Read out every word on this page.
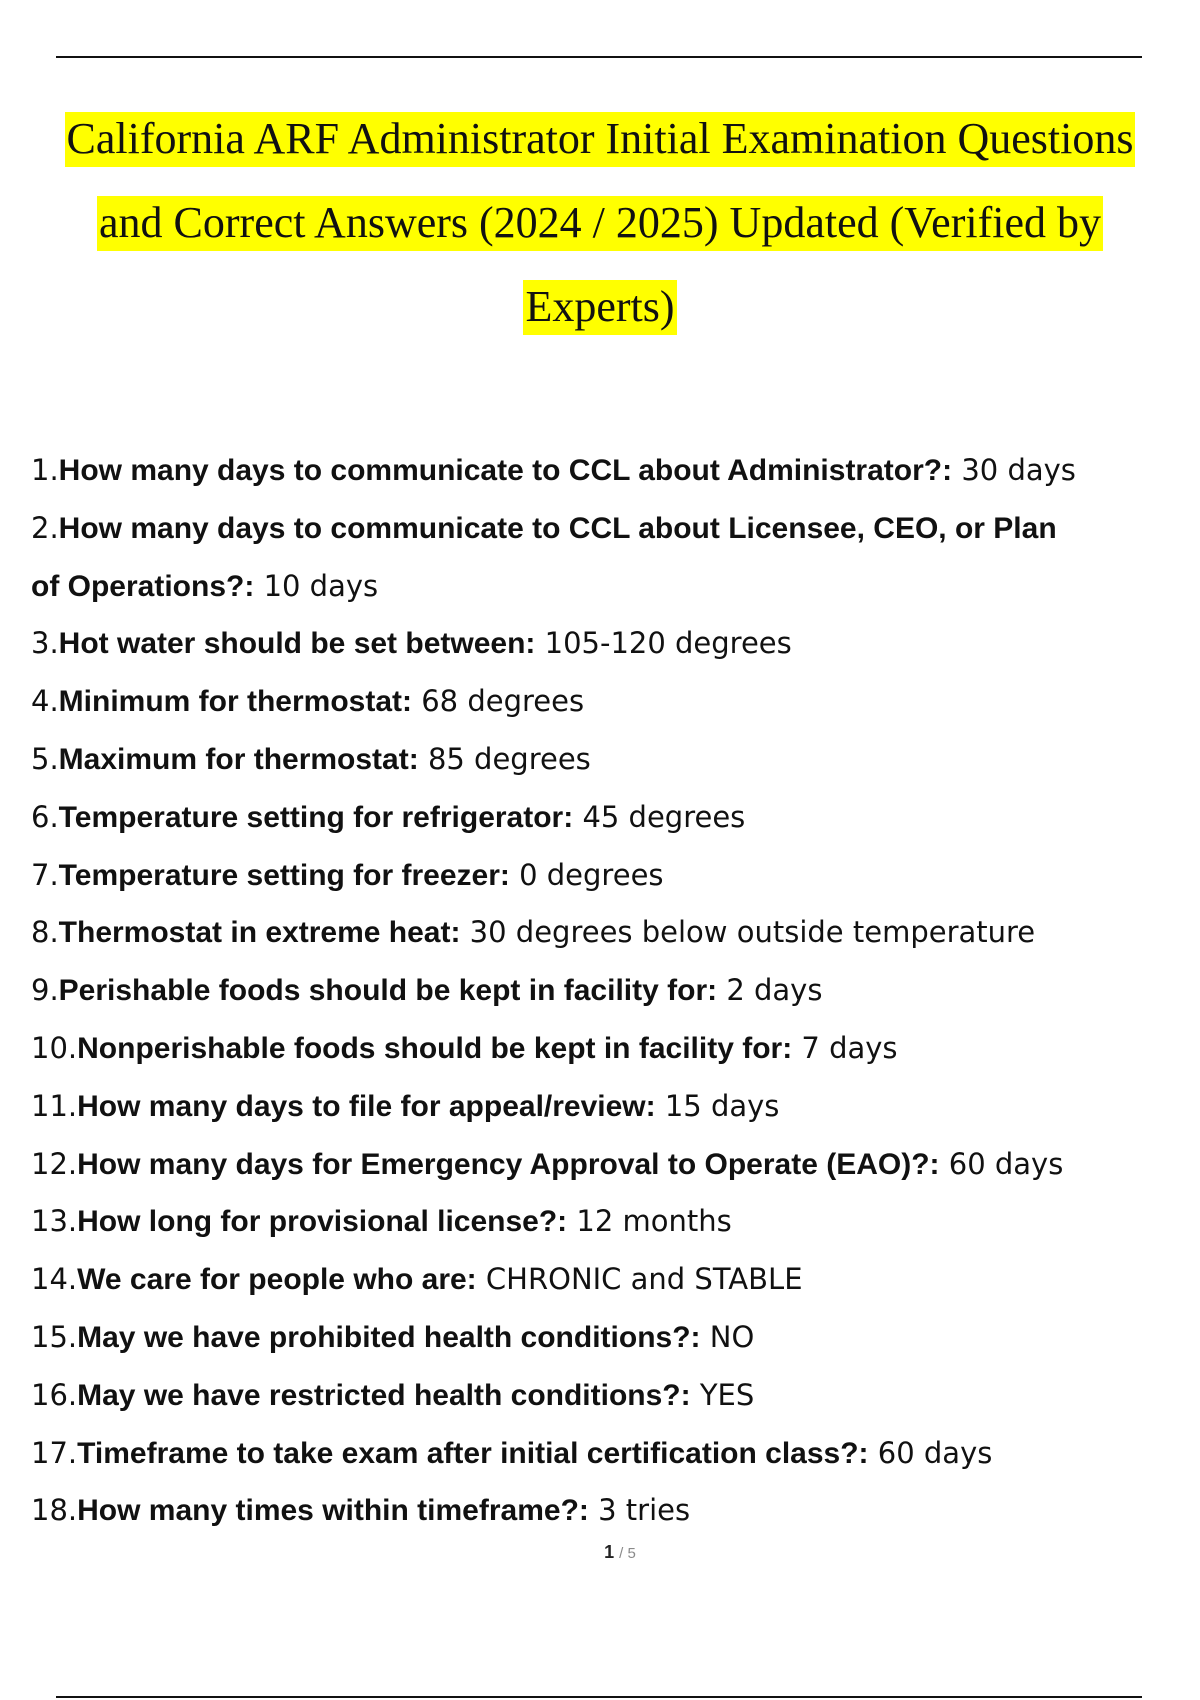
California ARF Administrator Initial Examination Questions
and Correct Answers (2024 / 2025) Updated (Verified by
Experts)
1.How many days to communicate to CCL about Administrator?: 30 days
2.How many days to communicate to CCL about Licensee, CEO, or Plan
of Operations?: 10 days
3.Hot water should be set between: 105-120 degrees
4.Minimum for thermostat: 68 degrees
5.Maximum for thermostat: 85 degrees
6.Temperature setting for refrigerator: 45 degrees
7.Temperature setting for freezer: 0 degrees
8.Thermostat in extreme heat: 30 degrees below outside temperature
9.Perishable foods should be kept in facility for: 2 days
10.Nonperishable foods should be kept in facility for: 7 days
11.How many days to file for appeal/review: 15 days
12.How many days for Emergency Approval to Operate (EAO)?: 60 days
13.How long for provisional license?: 12 months
14.We care for people who are: CHRONIC and STABLE
15.May we have prohibited health conditions?: NO
16.May we have restricted health conditions?: YES
17.Timeframe to take exam after initial certification class?: 60 days
18.How many times within timeframe?: 3 tries
1 / 5
